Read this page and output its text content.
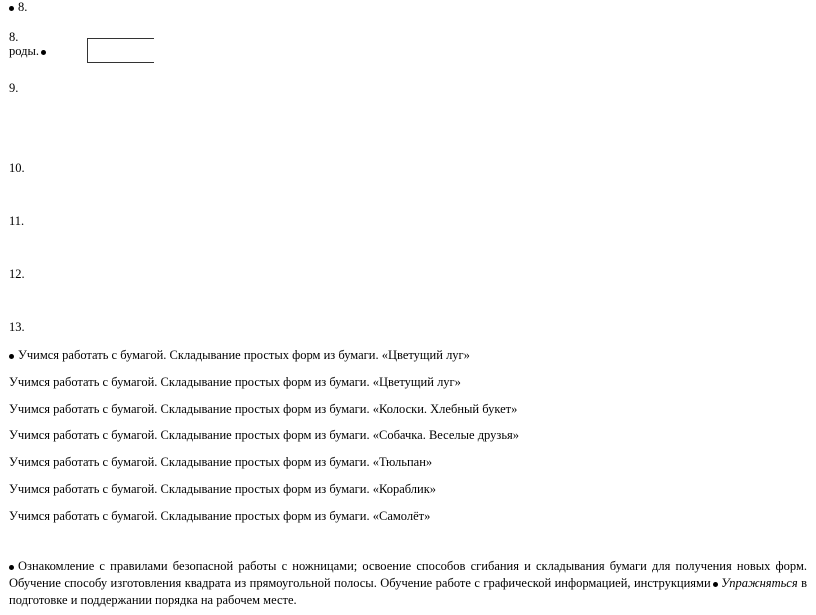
8.
8.
роды.
9.
10.
11.
12.
13.
Учимся работать с бумагой. Складывание простых форм из бумаги. «Цветущий луг»
Учимся работать с бумагой. Складывание простых форм из бумаги. «Цветущий луг»
Учимся работать с бумагой. Складывание простых форм из бумаги. «Колоски. Хлебный букет»
Учимся работать с бумагой. Складывание простых форм из бумаги. «Собачка. Веселые друзья»
Учимся работать с бумагой. Складывание простых форм из бумаги. «Тюльпан»
Учимся работать с бумагой. Складывание простых форм из бумаги. «Кораблик»
Учимся работать с бумагой. Складывание простых форм из бумаги. «Самолёт»
Ознакомление с правилами безопасной работы с ножницами; освоение способов сгибания и складывания бумаги для получения новых форм. Обучение способу изготовления квадрата из прямоугольной полосы. Обучение работе с графической информацией, инструкциями Упражняться в подготовке и поддержании порядка на рабочем месте.
